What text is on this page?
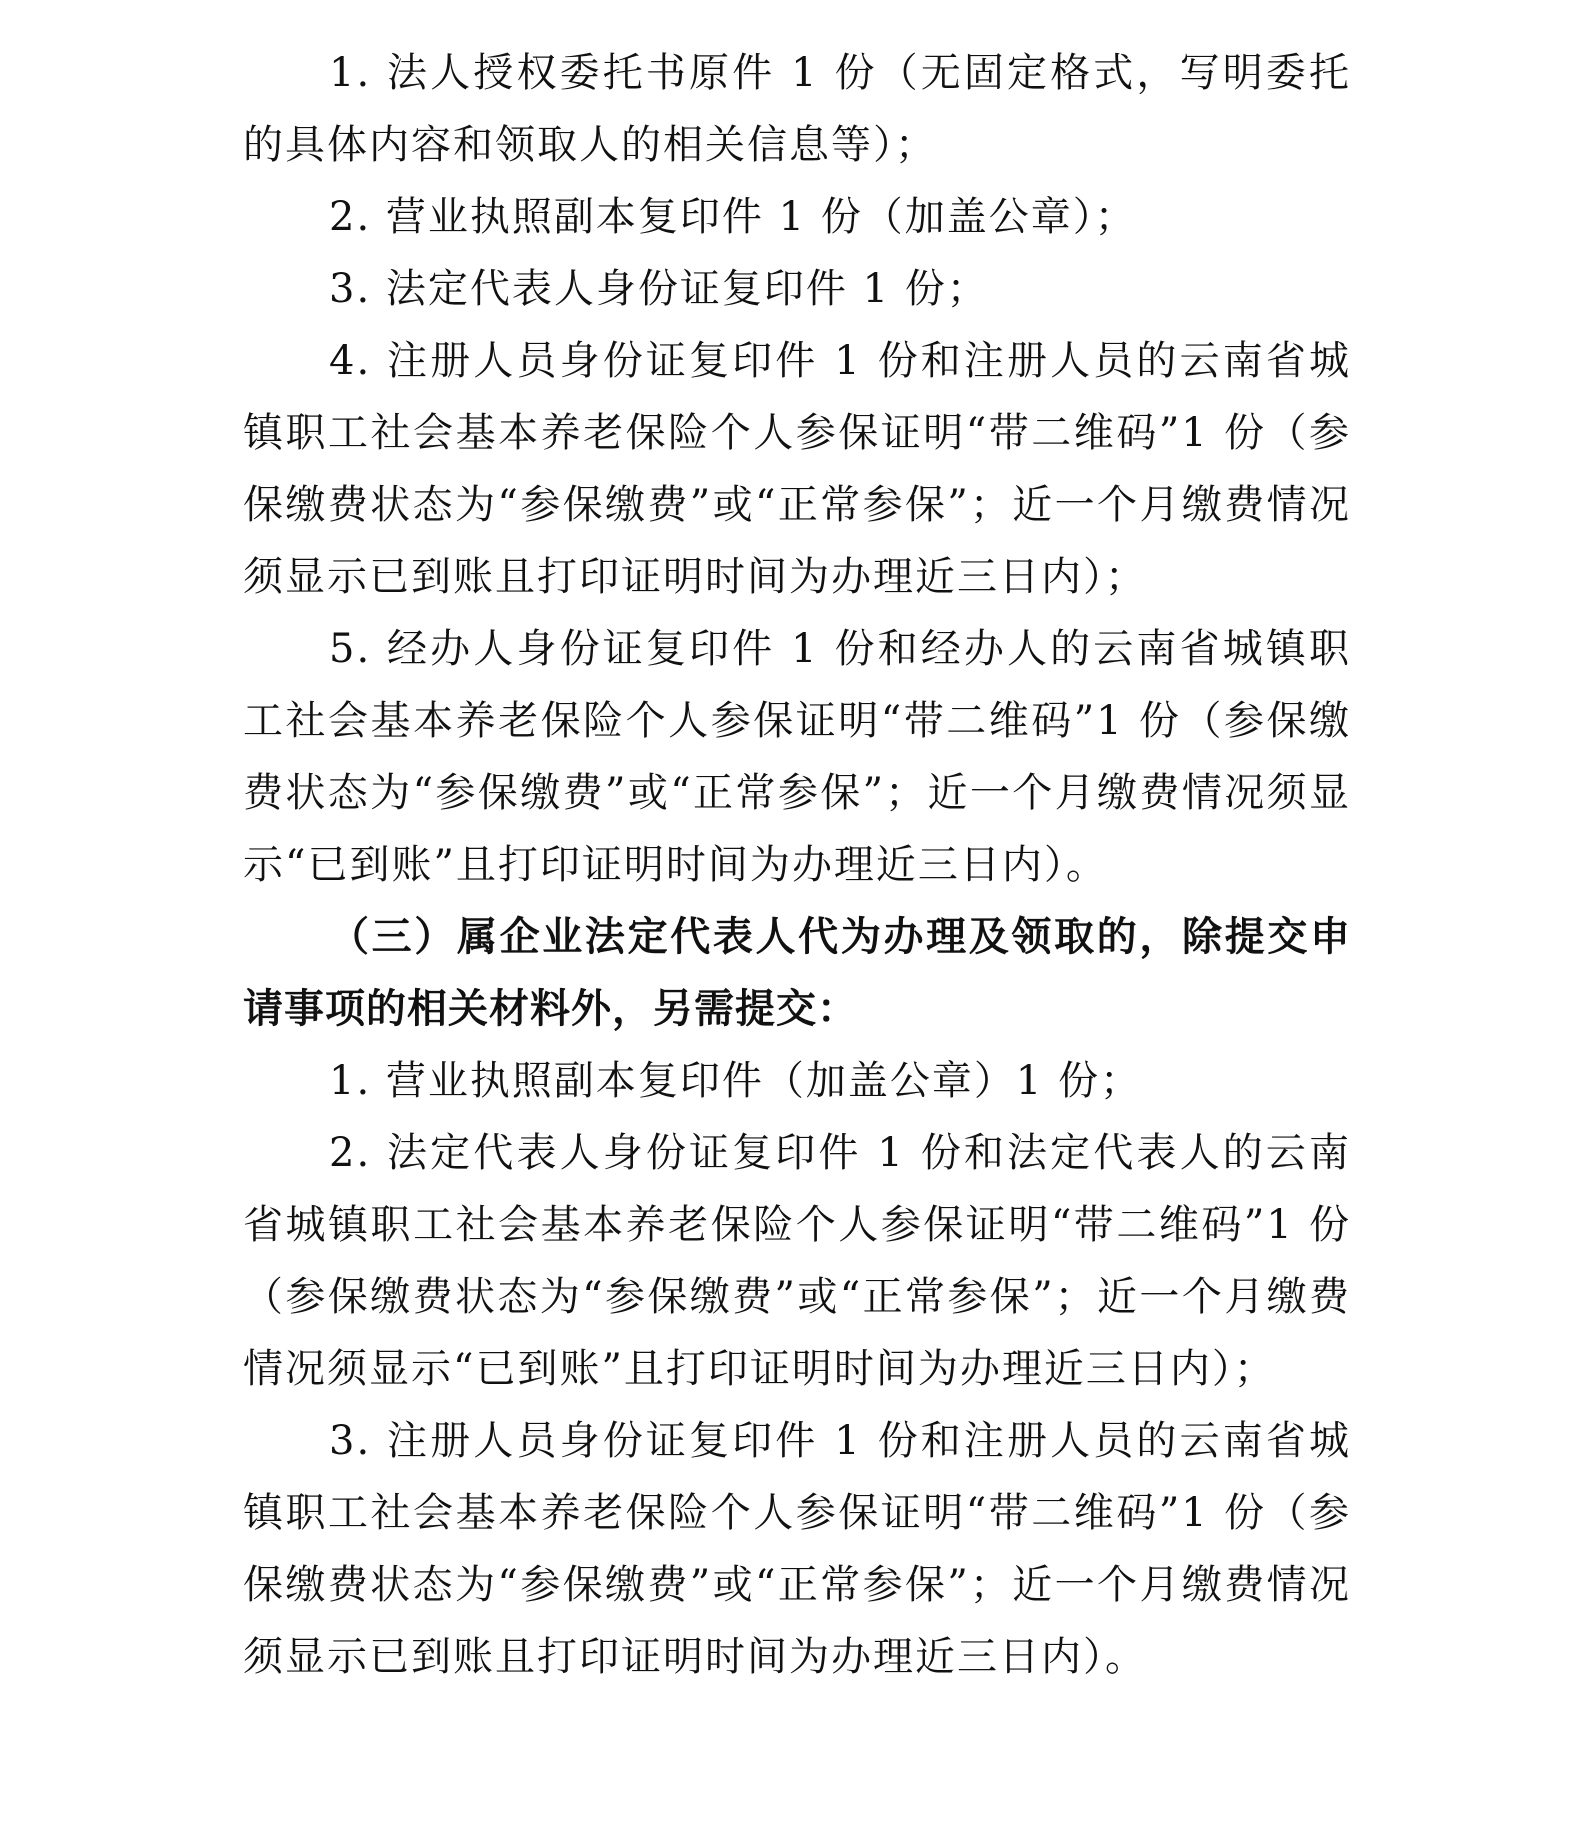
1. 法人授权委托书原件 1 份（无固定格式，写明委托的具体内容和领取人的相关信息等）；

2. 营业执照副本复印件 1 份（加盖公章）；

3. 法定代表人身份证复印件 1 份；

4. 注册人员身份证复印件 1 份和注册人员的云南省城镇职工社会基本养老保险个人参保证明“带二维码”1 份（参保缴费状态为“参保缴费”或“正常参保”；近一个月缴费情况须显示已到账且打印证明时间为办理近三日内）；

5. 经办人身份证复印件 1 份和经办人的云南省城镇职工社会基本养老保险个人参保证明“带二维码”1 份（参保缴费状态为“参保缴费”或“正常参保”；近一个月缴费情况须显示“已到账”且打印证明时间为办理近三日内）。

（三）属企业法定代表人代为办理及领取的，除提交申请事项的相关材料外，另需提交：

1. 营业执照副本复印件（加盖公章）1 份；

2. 法定代表人身份证复印件 1 份和法定代表人的云南省城镇职工社会基本养老保险个人参保证明“带二维码”1 份（参保缴费状态为“参保缴费”或“正常参保”；近一个月缴费情况须显示“已到账”且打印证明时间为办理近三日内）；

3. 注册人员身份证复印件 1 份和注册人员的云南省城镇职工社会基本养老保险个人参保证明“带二维码”1 份（参保缴费状态为“参保缴费”或“正常参保”；近一个月缴费情况须显示已到账且打印证明时间为办理近三日内）。
